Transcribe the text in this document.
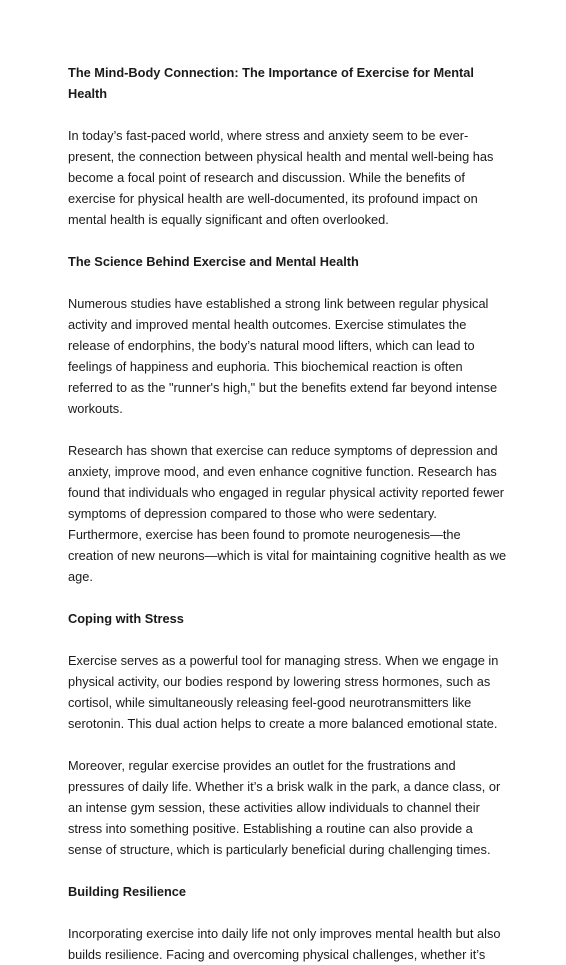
The Mind-Body Connection: The Importance of Exercise for Mental Health

In today’s fast-paced world, where stress and anxiety seem to be ever-present, the connection between physical health and mental well-being has become a focal point of research and discussion. While the benefits of exercise for physical health are well-documented, its profound impact on mental health is equally significant and often overlooked.

The Science Behind Exercise and Mental Health

Numerous studies have established a strong link between regular physical activity and improved mental health outcomes. Exercise stimulates the release of endorphins, the body’s natural mood lifters, which can lead to feelings of happiness and euphoria. This biochemical reaction is often referred to as the "runner's high," but the benefits extend far beyond intense workouts.

Research has shown that exercise can reduce symptoms of depression and anxiety, improve mood, and even enhance cognitive function. Research has found that individuals who engaged in regular physical activity reported fewer symptoms of depression compared to those who were sedentary. Furthermore, exercise has been found to promote neurogenesis—the creation of new neurons—which is vital for maintaining cognitive health as we age.

Coping with Stress

Exercise serves as a powerful tool for managing stress. When we engage in physical activity, our bodies respond by lowering stress hormones, such as cortisol, while simultaneously releasing feel-good neurotransmitters like serotonin. This dual action helps to create a more balanced emotional state.

Moreover, regular exercise provides an outlet for the frustrations and pressures of daily life. Whether it’s a brisk walk in the park, a dance class, or an intense gym session, these activities allow individuals to channel their stress into something positive. Establishing a routine can also provide a sense of structure, which is particularly beneficial during challenging times.

Building Resilience

Incorporating exercise into daily life not only improves mental health but also builds resilience. Facing and overcoming physical challenges, whether it’s
